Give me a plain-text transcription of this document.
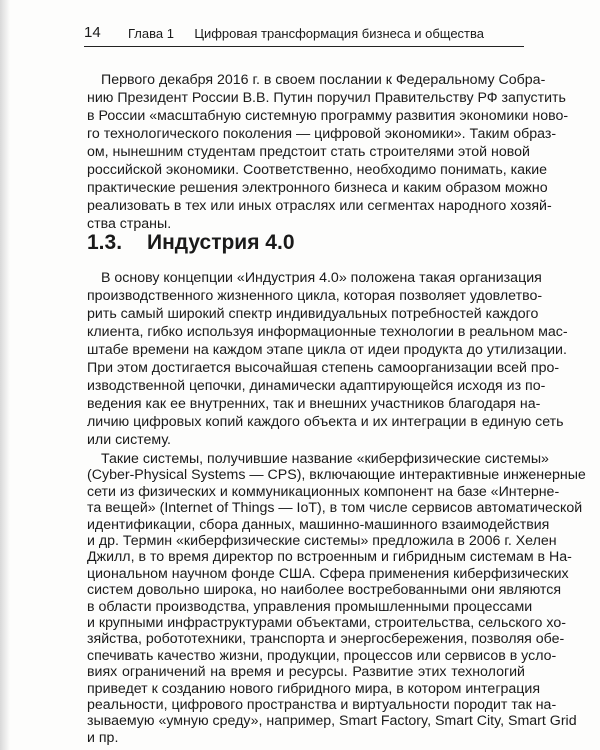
14 Глава 1 Цифровая трансформация бизнеса и общества
Первого декабря 2016 г. в своем послании к Федеральному Собра-
нию Президент России В.В. Путин поручил Правительству РФ запустить
в России «масштабную системную программу развития экономики ново-
го технологического поколения — цифровой экономики». Таким образ-
ом, нынешним студентам предстоит стать строителями этой новой
российской экономики. Соответственно, необходимо понимать, какие
практические решения электронного бизнеса и каким образом можно
реализовать в тех или иных отраслях или сегментах народного хозяй-
ства страны.
1.3. Индустрия 4.0
В основу концепции «Индустрия 4.0» положена такая организация
производственного жизненного цикла, которая позволяет удовлетво-
рить самый широкий спектр индивидуальных потребностей каждого
клиента, гибко используя информационные технологии в реальном мас-
штабе времени на каждом этапе цикла от идеи продукта до утилизации.
При этом достигается высочайшая степень самоорганизации всей про-
изводственной цепочки, динамически адаптирующейся исходя из по-
ведения как ее внутренних, так и внешних участников благодаря на-
личию цифровых копий каждого объекта и их интеграции в единую сеть
или систему.
Такие системы, получившие название «киберфизические системы»
(Cyber-Physical Systems — CPS), включающие интерактивные инженерные
сети из физических и коммуникационных компонент на базе «Интерне-
та вещей» (Internet of Things — IoT), в том числе сервисов автоматической
идентификации, сбора данных, машинно-машинного взаимодействия
и др. Термин «киберфизические системы» предложила в 2006 г. Хелен
Джилл, в то время директор по встроенным и гибридным системам в На-
циональном научном фонде США. Сфера применения киберфизических
систем довольно широка, но наиболее востребованными они являются
в области производства, управления промышленными процессами
и крупными инфраструктурами объектами, строительства, сельского хо-
зяйства, робототехники, транспорта и энергосбережения, позволяя обе-
спечивать качество жизни, продукции, процессов или сервисов в усло-
виях ограничений на время и ресурсы. Развитие этих технологий
приведет к созданию нового гибридного мира, в котором интеграция
реальности, цифрового пространства и виртуальности породит так на-
зываемую «умную среду», например, Smart Factory, Smart City, Smart Grid
и пр.
